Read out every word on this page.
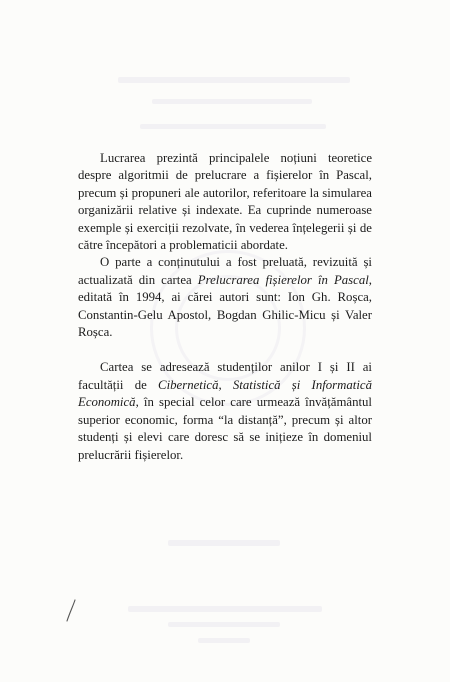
Lucrarea prezintă principalele noțiuni teoretice despre algoritmii de prelucrare a fișierelor în Pascal, precum și propuneri ale autorilor, referitoare la simularea organizării relative și indexate. Ea cuprinde numeroase exemple și exerciții rezolvate, în vederea înțelegerii și de către începători a problematicii abordate.

O parte a conținutului a fost preluată, revizuită și actualizată din cartea Prelucrarea fișierelor în Pascal, editată în 1994, ai cărei autori sunt: Ion Gh. Roșca, Constantin-Gelu Apostol, Bogdan Ghilic-Micu și Valer Roșca.

Cartea se adresează studenților anilor I și II ai facultății de Cibernetică, Statistică și Informatică Economică, în special celor care urmează învățământul superior economic, forma “la distanță”, precum și altor studenți și elevi care doresc să se inițieze în domeniul prelucrării fișierelor.
